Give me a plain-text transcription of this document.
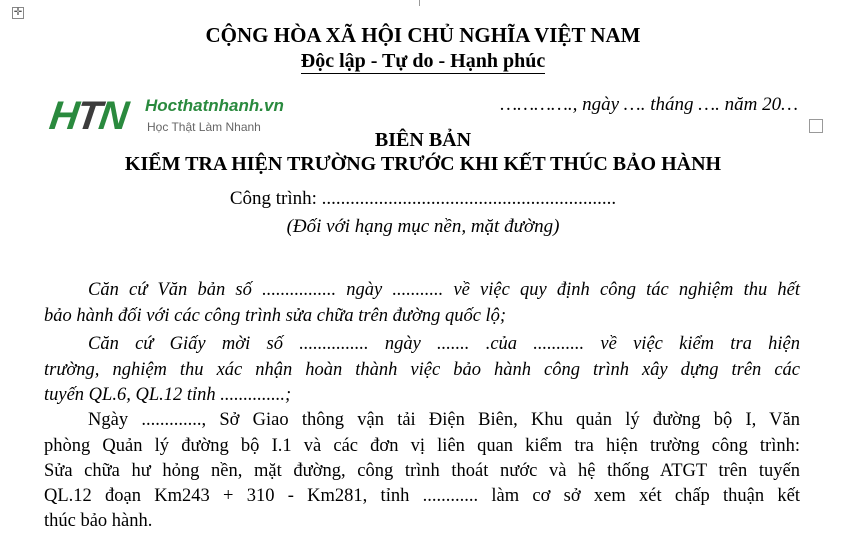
✛
CỘNG HÒA XÃ HỘI CHỦ NGHĨA VIỆT NAM
Độc lập - Tự do - Hạnh phúc
HTN Hocthatnhanh.vn
Học Thật Làm Nhanh
…………., ngày …. tháng …. năm 20…
BIÊN BẢN
KIỂM TRA HIỆN TRƯỜNG TRƯỚC KHI KẾT THÚC BẢO HÀNH
Công trình: ..............................................................
(Đối với hạng mục nền, mặt đường)
Căn cứ Văn bản số ................ ngày ........... về việc quy định công tác nghiệm thu hết
bảo hành đối với các công trình sửa chữa trên đường quốc lộ;
Căn cứ Giấy mời số ............... ngày ....... .của ........... về việc kiểm tra hiện
trường, nghiệm thu xác nhận hoàn thành việc bảo hành công trình xây dựng trên các
tuyến QL.6, QL.12 tỉnh ..............;
Ngày ............., Sở Giao thông vận tải Điện Biên, Khu quản lý đường bộ I, Văn
phòng Quản lý đường bộ I.1 và các đơn vị liên quan kiểm tra hiện trường công trình:
Sửa chữa hư hỏng nền, mặt đường, công trình thoát nước và hệ thống ATGT trên tuyến
QL.12 đoạn Km243 + 310 - Km281, tỉnh ............ làm cơ sở xem xét chấp thuận kết
thúc bảo hành.
